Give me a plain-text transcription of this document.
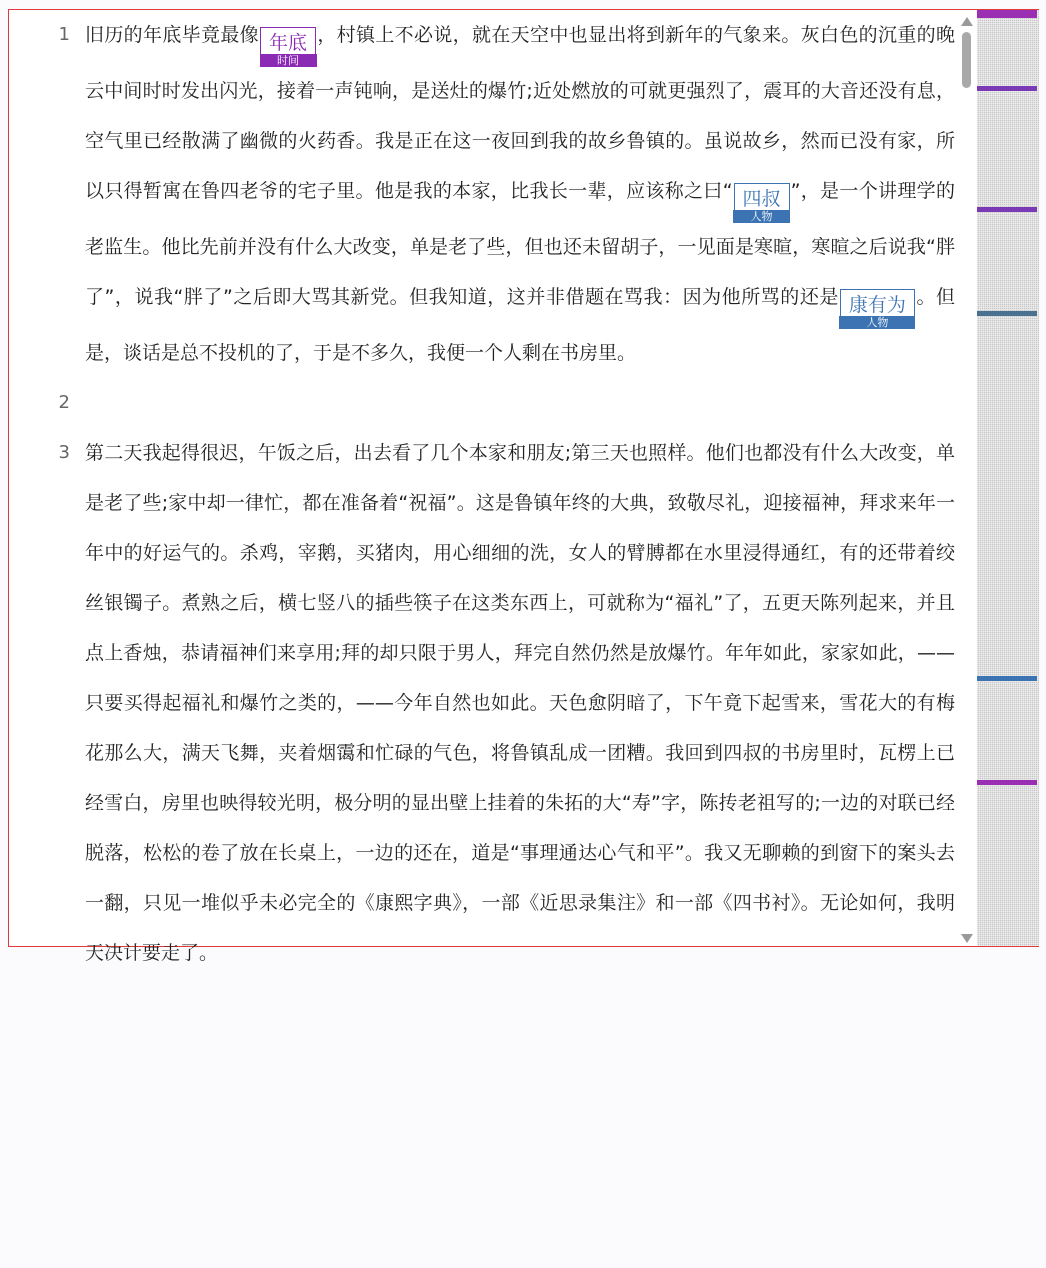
1 旧历的年底毕竟最像 年底
时间
，村镇上不必说，就在天空中也显出将到新年的气象来。灰白色的沉重的晚云中间时时发出闪光，接着一声钝响，是送灶的爆竹;近处燃放的可就更强烈了，震耳的大音还没有息，空气里已经散满了幽微的火药香。我是正在这一夜回到我的故乡鲁镇的。虽说故乡，然而已没有家，所以只得暂寓在鲁四老爷的宅子里。他是我的本家，比我长一辈，应该称之曰“ 四叔
人物
”，是一个讲理学的老监生。他比先前并没有什么大改变，单是老了些，但也还未留胡子，一见面是寒暄，寒暄之后说我“胖了”，说我“胖了”之后即大骂其新党。但我知道，这并非借题在骂我：因为他所骂的还是 康有为
人物
。但是，谈话是总不投机的了，于是不多久，我便一个人剩在书房里。
2
3 第二天我起得很迟，午饭之后，出去看了几个本家和朋友;第三天也照样。他们也都没有什么大改变，单是老了些;家中却一律忙，都在准备着“祝福”。这是鲁镇年终的大典，致敬尽礼，迎接福神，拜求来年一年中的好运气的。杀鸡，宰鹅，买猪肉，用心细细的洗，女人的臂膊都在水里浸得通红，有的还带着绞丝银镯子。煮熟之后，横七竖八的插些筷子在这类东西上，可就称为“福礼”了，五更天陈列起来，并且点上香烛，恭请福神们来享用;拜的却只限于男人，拜完自然仍然是放爆竹。年年如此，家家如此，——只要买得起福礼和爆竹之类的，——今年自然也如此。天色愈阴暗了，下午竟下起雪来，雪花大的有梅花那么大，满天飞舞，夹着烟霭和忙碌的气色，将鲁镇乱成一团糟。我回到四叔的书房里时，瓦楞上已经雪白，房里也映得较光明，极分明的显出壁上挂着的朱拓的大“寿”字，陈抟老祖写的;一边的对联已经脱落，松松的卷了放在长桌上，一边的还在，道是“事理通达心气和平”。我又无聊赖的到窗下的案头去一翻，只见一堆似乎未必完全的《康熙字典》，一部《近思录集注》和一部《四书衬》。无论如何，我明天决计要走了。
